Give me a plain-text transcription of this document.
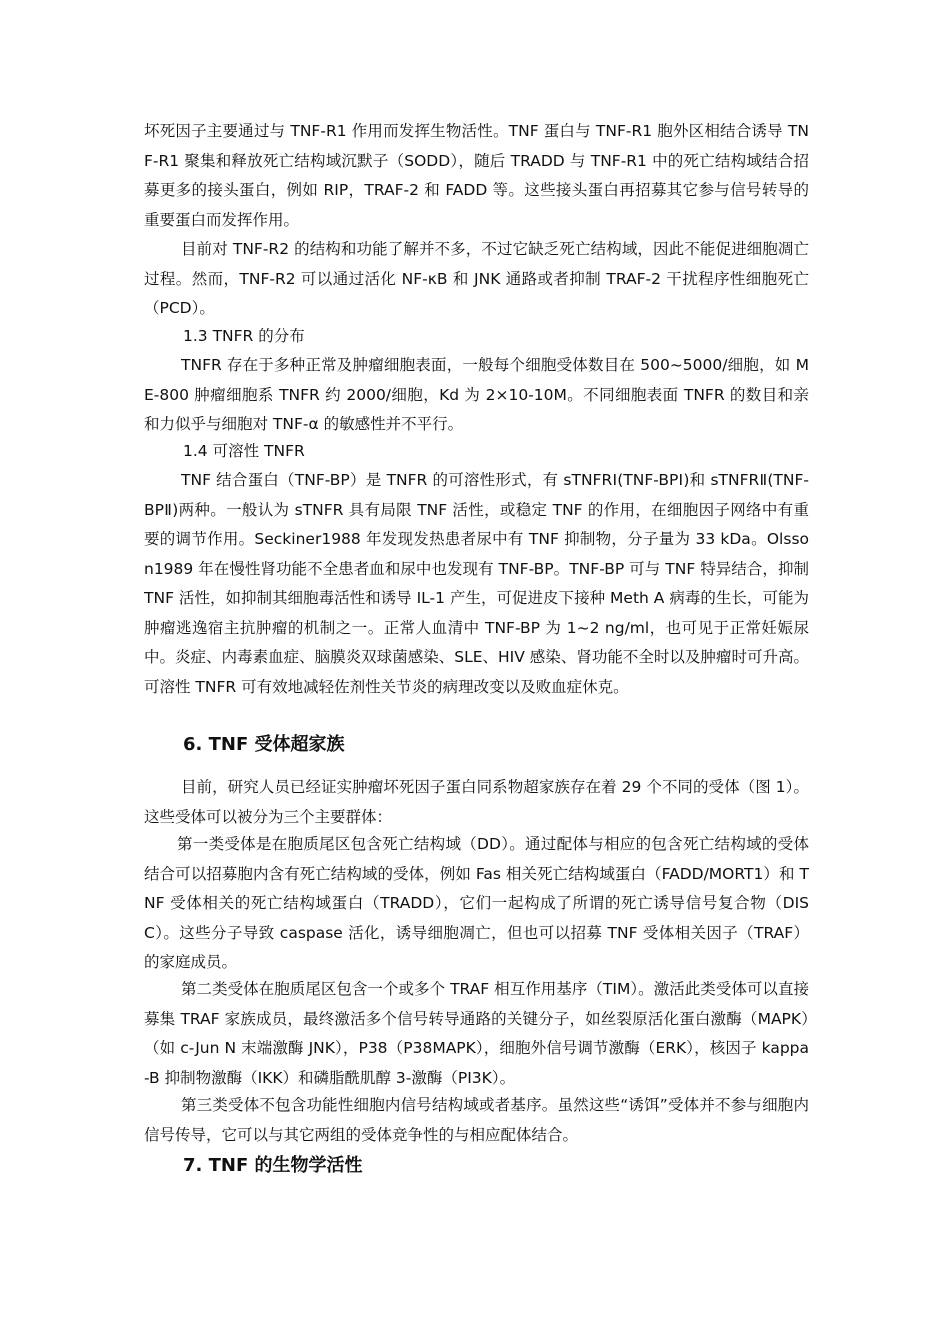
坏死因子主要通过与 TNF-R1 作用而发挥生物活性。TNF 蛋白与 TNF-R1 胞外区相结合诱导 TNF-R1 聚集和释放死亡结构域沉默子（SODD），随后 TRADD 与 TNF-R1 中的死亡结构域结合招募更多的接头蛋白，例如 RIP，TRAF-2 和 FADD 等。这些接头蛋白再招募其它参与信号转导的重要蛋白而发挥作用。

目前对 TNF-R2 的结构和功能了解并不多，不过它缺乏死亡结构域，因此不能促进细胞凋亡过程。然而，TNF-R2 可以通过活化 NF-κB 和 JNK 通路或者抑制 TRAF-2 干扰程序性细胞死亡（PCD）。

1.3 TNFR 的分布

TNFR 存在于多种正常及肿瘤细胞表面，一般每个细胞受体数目在 500~5000/细胞，如 ME-800 肿瘤细胞系 TNFR 约 2000/细胞，Kd 为 2×10-10M。不同细胞表面 TNFR 的数目和亲和力似乎与细胞对 TNF-α 的敏感性并不平行。

1.4 可溶性 TNFR

TNF 结合蛋白（TNF-BP）是 TNFR 的可溶性形式，有 sTNFRⅠ(TNF-BPⅠ)和 sTNFRⅡ(TNF-BPⅡ)两种。一般认为 sTNFR 具有局限 TNF 活性，或稳定 TNF 的作用，在细胞因子网络中有重要的调节作用。Seckiner1988 年发现发热患者尿中有 TNF 抑制物，分子量为 33 kDa。Olsson1989 年在慢性肾功能不全患者血和尿中也发现有 TNF-BP。TNF-BP 可与 TNF 特异结合，抑制 TNF 活性，如抑制其细胞毒活性和诱导 IL-1 产生，可促进皮下接种 Meth A 病毒的生长，可能为肿瘤逃逸宿主抗肿瘤的机制之一。正常人血清中 TNF-BP 为 1~2 ng/ml，也可见于正常妊娠尿中。炎症、内毒素血症、脑膜炎双球菌感染、SLE、HIV 感染、肾功能不全时以及肿瘤时可升高。可溶性 TNFR 可有效地减轻佐剂性关节炎的病理改变以及败血症休克。

6. TNF 受体超家族

目前，研究人员已经证实肿瘤坏死因子蛋白同系物超家族存在着 29 个不同的受体（图 1）。这些受体可以被分为三个主要群体：

第一类受体是在胞质尾区包含死亡结构域（DD）。通过配体与相应的包含死亡结构域的受体结合可以招募胞内含有死亡结构域的受体，例如 Fas 相关死亡结构域蛋白（FADD/MORT1）和 TNF 受体相关的死亡结构域蛋白（TRADD），它们一起构成了所谓的死亡诱导信号复合物（DISC）。这些分子导致 caspase 活化，诱导细胞凋亡，但也可以招募 TNF 受体相关因子（TRAF）的家庭成员。

第二类受体在胞质尾区包含一个或多个 TRAF 相互作用基序（TIM）。激活此类受体可以直接募集 TRAF 家族成员，最终激活多个信号转导通路的关键分子，如丝裂原活化蛋白激酶（MAPK）（如 c-Jun N 末端激酶 JNK），P38（P38MAPK），细胞外信号调节激酶（ERK），核因子 kappa-B 抑制物激酶（IKK）和磷脂酰肌醇 3-激酶（PI3K）。

第三类受体不包含功能性细胞内信号结构域或者基序。虽然这些“诱饵”受体并不参与细胞内信号传导，它可以与其它两组的受体竞争性的与相应配体结合。

7. TNF 的生物学活性
